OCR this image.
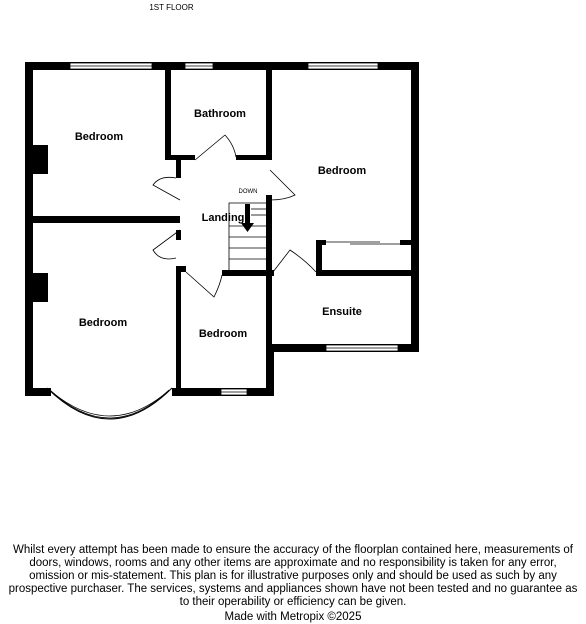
1ST FLOOR
Bedroom
Bathroom
Bedroom
DOWN
Landing
Bedroom
Bedroom
Ensuite
Whilst every attempt has been made to ensure the accuracy of the floorplan contained here, measurements of doors, windows, rooms and any other items are approximate and no responsibility is taken for any error, omission or mis-statement. This plan is for illustrative purposes only and should be used as such by any prospective purchaser. The services, systems and appliances shown have not been tested and no guarantee as to their operability or efficiency can be given.
Made with Metropix ©2025
